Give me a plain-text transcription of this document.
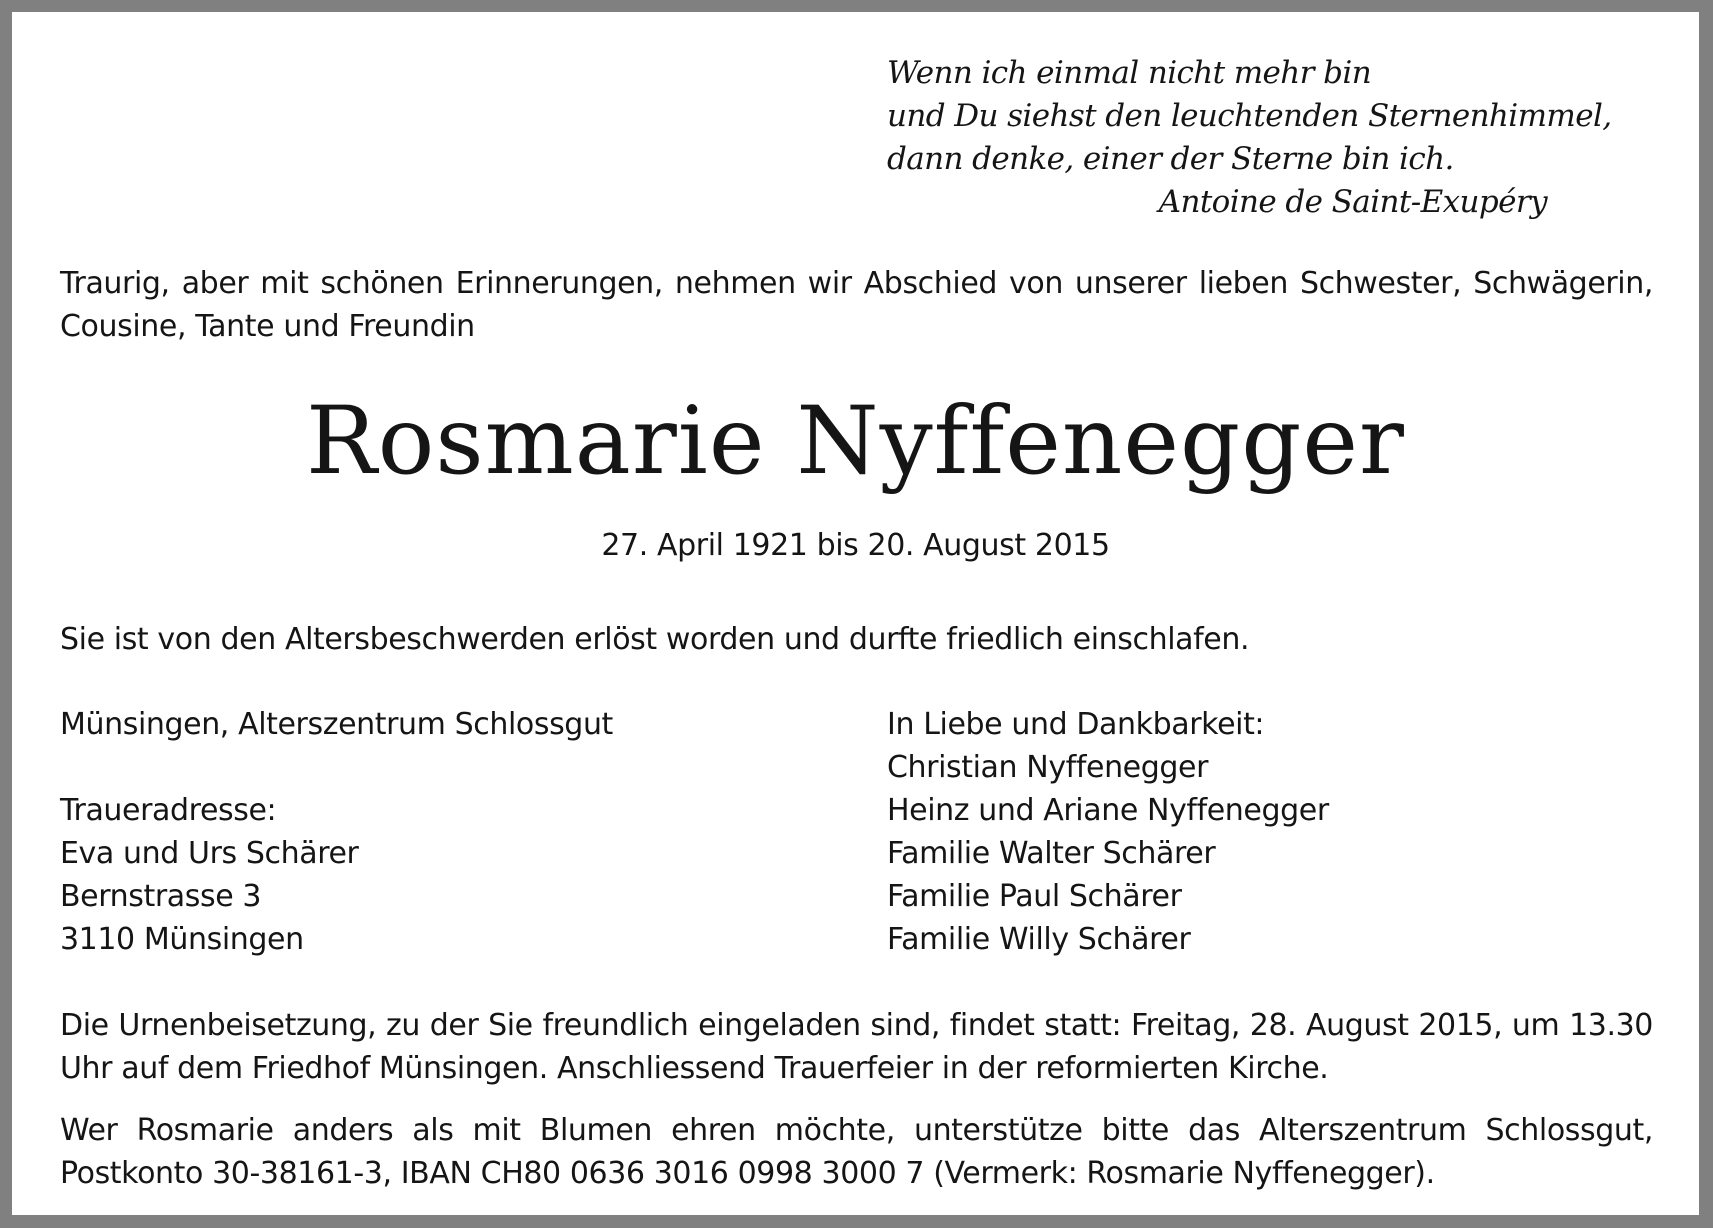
Wenn ich einmal nicht mehr bin

und Du siehst den leuchtenden Sternenhimmel,

dann denke, einer der Sterne bin ich.

Antoine de Saint-Exupéry

Traurig, aber mit schönen Erinnerungen, nehmen wir Abschied von unserer lieben Schwester, Schwägerin, Cousine, Tante und Freundin

Rosmarie Nyffenegger

27. April 1921 bis 20. August 2015

Sie ist von den Altersbeschwerden erlöst worden und durfte friedlich einschlafen.

Münsingen, Alterszentrum Schlossgut

Traueradresse:

Eva und Urs Schärer

Bernstrasse 3

3110 Münsingen

In Liebe und Dankbarkeit:

Christian Nyffenegger

Heinz und Ariane Nyffenegger

Familie Walter Schärer

Familie Paul Schärer

Familie Willy Schärer

Die Urnenbeisetzung, zu der Sie freundlich eingeladen sind, findet statt: Freitag, 28. August 2015, um 13.30 Uhr auf dem Friedhof Münsingen. Anschliessend Trauerfeier in der reformierten Kirche.

Wer Rosmarie anders als mit Blumen ehren möchte, unterstütze bitte das Alterszentrum Schlossgut, Postkonto 30-38161-3, IBAN CH80 0636 3016 0998 3000 7 (Vermerk: Rosmarie Nyffenegger).
